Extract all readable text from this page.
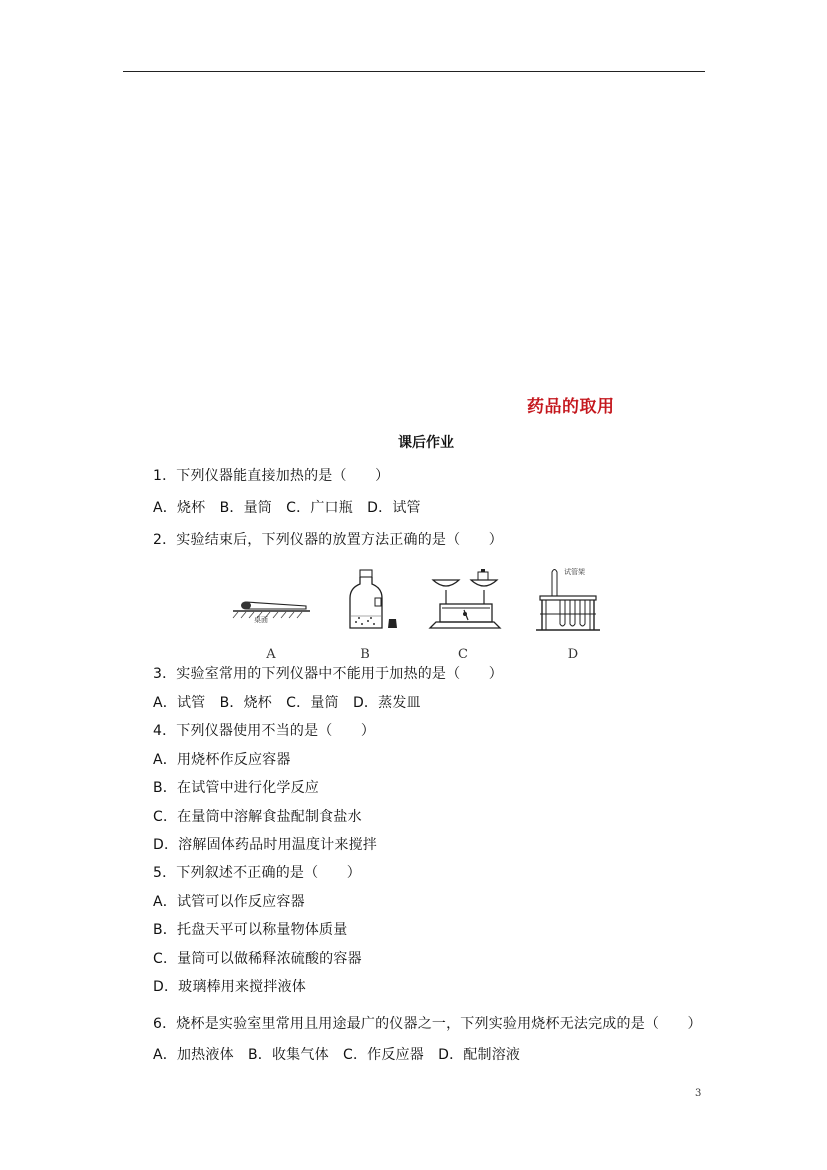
药品的取用
课后作业
1．下列仪器能直接加热的是（　　）
A．烧杯　B．量筒　C．广口瓶　D．试管
2．实验结束后，下列仪器的放置方法正确的是（　　）
桌面
试管架
A	B	C	D
3．实验室常用的下列仪器中不能用于加热的是（　　）
A．试管　B．烧杯　C．量筒　D．蒸发皿
4．下列仪器使用不当的是（　　）
A．用烧杯作反应容器
B．在试管中进行化学反应
C．在量筒中溶解食盐配制食盐水
D．溶解固体药品时用温度计来搅拌
5．下列叙述不正确的是（　　）
A．试管可以作反应容器
B．托盘天平可以称量物体质量
C．量筒可以做稀释浓硫酸的容器
D．玻璃棒用来搅拌液体
6．烧杯是实验室里常用且用途最广的仪器之一，下列实验用烧杯无法完成的是（　　）
A．加热液体　B．收集气体　C．作反应器　D．配制溶液
3
